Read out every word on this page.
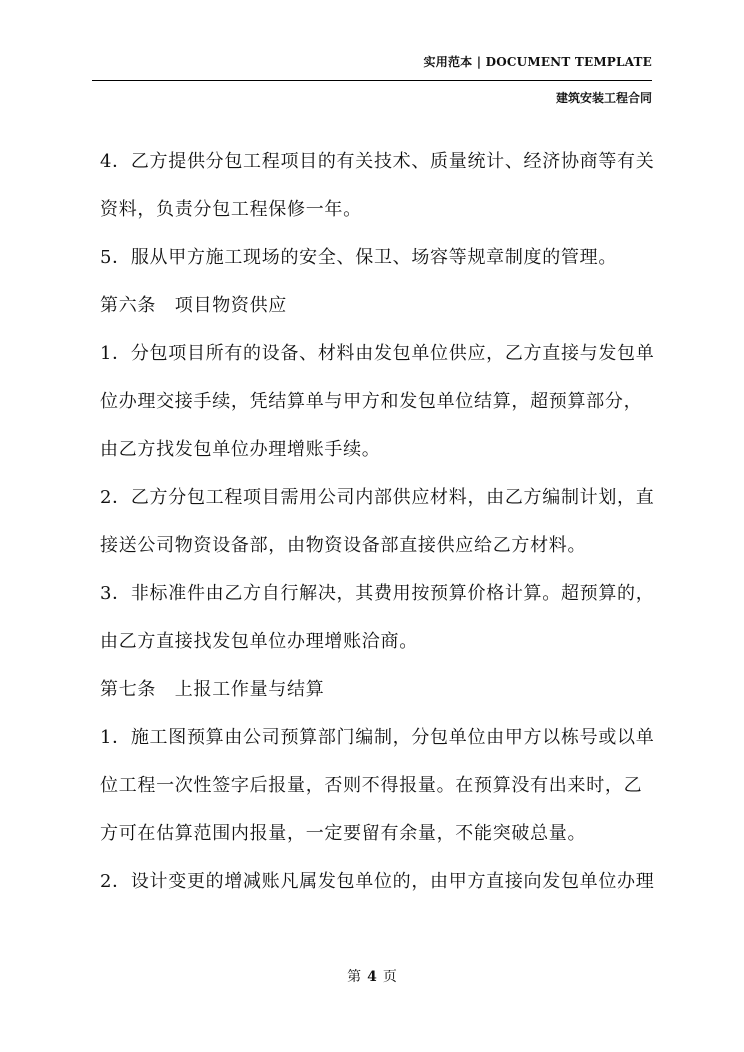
实用范本 | DOCUMENT TEMPLATE
建筑安装工程合同

4．乙方提供分包工程项目的有关技术、质量统计、经济协商等有关

资料，负责分包工程保修一年。

5．服从甲方施工现场的安全、保卫、场容等规章制度的管理。

第六条　项目物资供应

1．分包项目所有的设备、材料由发包单位供应，乙方直接与发包单

位办理交接手续，凭结算单与甲方和发包单位结算，超预算部分，

由乙方找发包单位办理增账手续。

2．乙方分包工程项目需用公司内部供应材料，由乙方编制计划，直

接送公司物资设备部，由物资设备部直接供应给乙方材料。

3．非标准件由乙方自行解决，其费用按预算价格计算。超预算的，

由乙方直接找发包单位办理增账洽商。

第七条　上报工作量与结算

1．施工图预算由公司预算部门编制，分包单位由甲方以栋号或以单

位工程一次性签字后报量，否则不得报量。在预算没有出来时，乙

方可在估算范围内报量，一定要留有余量，不能突破总量。

2．设计变更的增减账凡属发包单位的，由甲方直接向发包单位办理

第 4 页
